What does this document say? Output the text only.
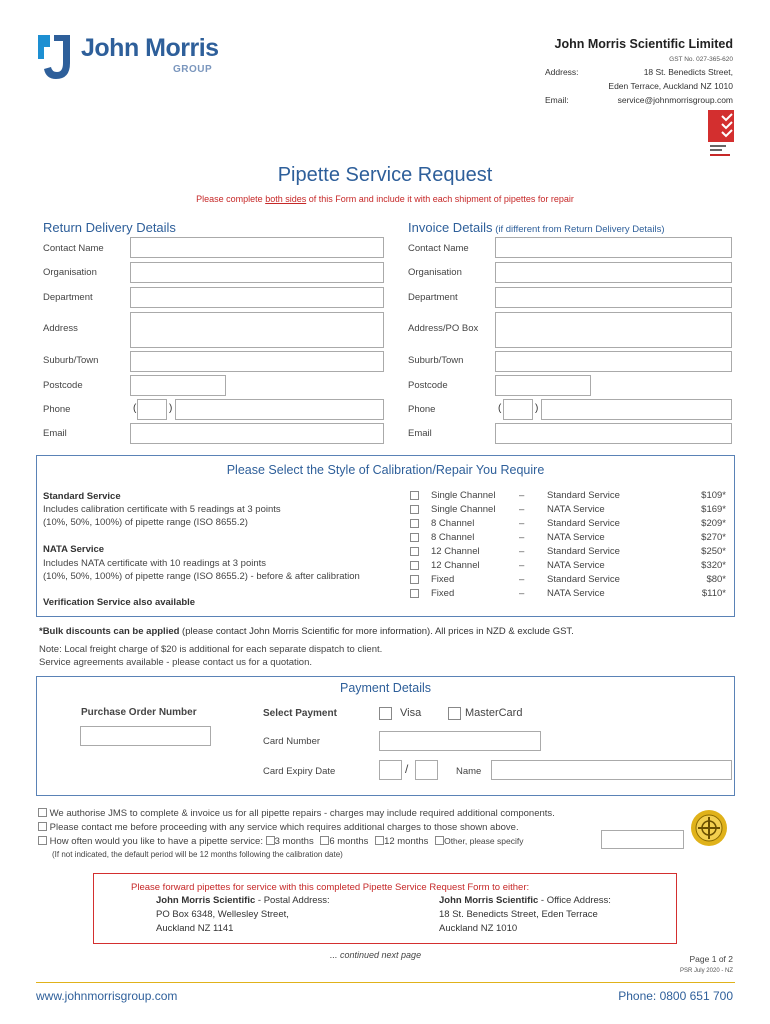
John Morris
GROUP
John Morris Scientific Limited
GST No. 027-365-620
Address:	18 St. Benedicts Street,
Eden Terrace, Auckland NZ 1010
Email:	service@johnmorrisgroup.com
Pipette Service Request
Please complete both sides of this Form and include it with each shipment of pipettes for repair
Return Delivery Details	Invoice Details (if different from Return Delivery Details)
Contact Name
Organisation
Department
Address
Suburb/Town
Postcode
Phone
Email
(	)
Contact Name
Organisation
Department
Address/PO Box
Suburb/Town
Postcode
Phone
Email
(	)
Please Select the Style of Calibration/Repair You Require
Standard Service
Includes calibration certificate with 5 readings at 3 points
(10%, 50%, 100%) of pipette range (ISO 8655.2)
NATA Service
Includes NATA certificate with 10 readings at 3 points
(10%, 50%, 100%) of pipette range (ISO 8655.2) - before & after calibration
Verification Service also available
Single Channel – Standard Service	$109*
Single Channel – NATA Service	$169*
8 Channel	– Standard Service	$209*
8 Channel	– NATA Service	$270*
12 Channel	– Standard Service	$250*
12 Channel	– NATA Service	$320*
Fixed	– Standard Service	$80*
Fixed	– NATA Service	$110*
*Bulk discounts can be applied (please contact John Morris Scientific for more information). All prices in NZD & exclude GST.
Note: Local freight charge of $20 is additional for each separate dispatch to client.
Service agreements available - please contact us for a quotation.
Payment Details
Purchase Order Number	Select Payment	Visa	MasterCard
Card Number
Card Expiry Date	/	Name
We authorise JMS to complete & invoice us for all pipette repairs - charges may include required additional components.
Please contact me before proceeding with any service which requires additional charges to those shown above.
How often would you like to have a pipette service: 3 months 6 months 12 months Other, please specify
(If not indicated, the default period will be 12 months following the calibration date)
Please forward pipettes for service with this completed Pipette Service Request Form to either:
John Morris Scientific - Postal Address:
PO Box 6348, Wellesley Street,
Auckland NZ 1141
John Morris Scientific - Office Address:
18 St. Benedicts Street, Eden Terrace
Auckland NZ 1010
... continued next page	Page 1 of 2
PSR July 2020 - NZ
www.johnmorrisgroup.com	Phone: 0800 651 700
